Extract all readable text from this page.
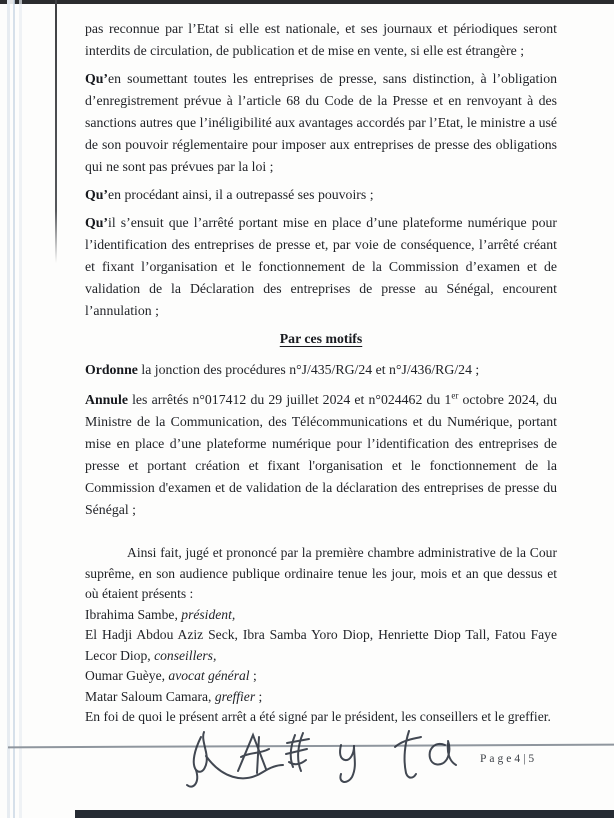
pas reconnue par l’Etat si elle est nationale, et ses journaux et périodiques seront interdits de circulation, de publication et de mise en vente, si elle est étrangère ;

Qu’en soumettant toutes les entreprises de presse, sans distinction, à l’obligation d’enregistrement prévue à l’article 68 du Code de la Presse et en renvoyant à des sanctions autres que l’inéligibilité aux avantages accordés par l’Etat, le ministre a usé de son pouvoir réglementaire pour imposer aux entreprises de presse des obligations qui ne sont pas prévues par la loi ;

Qu’en procédant ainsi, il a outrepassé ses pouvoirs ;

Qu’il s’ensuit que l’arrêté portant mise en place d’une plateforme numérique pour l’identification des entreprises de presse et, par voie de conséquence, l’arrêté créant et fixant l’organisation et le fonctionnement de la Commission d’examen et de validation de la Déclaration des entreprises de presse au Sénégal, encourent l’annulation ;

Par ces motifs

Ordonne la jonction des procédures n°J/435/RG/24 et n°J/436/RG/24 ;

Annule les arrêtés n°017412 du 29 juillet 2024 et n°024462 du 1er octobre 2024, du Ministre de la Communication, des Télécommunications et du Numérique, portant mise en place d’une plateforme numérique pour l’identification des entreprises de presse et portant création et fixant l'organisation et le fonctionnement de la Commission d'examen et de validation de la déclaration des entreprises de presse du Sénégal ;

Ainsi fait, jugé et prononcé par la première chambre administrative de la Cour suprême, en son audience publique ordinaire tenue les jour, mois et an que dessus et où étaient présents :

Ibrahima Sambe, président,

El Hadji Abdou Aziz Seck, Ibra Samba Yoro Diop, Henriette Diop Tall, Fatou Faye Lecor Diop, conseillers,

Oumar Guèye, avocat général ;

Matar Saloum Camara, greffier ;

En foi de quoi le présent arrêt a été signé par le président, les conseillers et le greffier.

Page4|5
